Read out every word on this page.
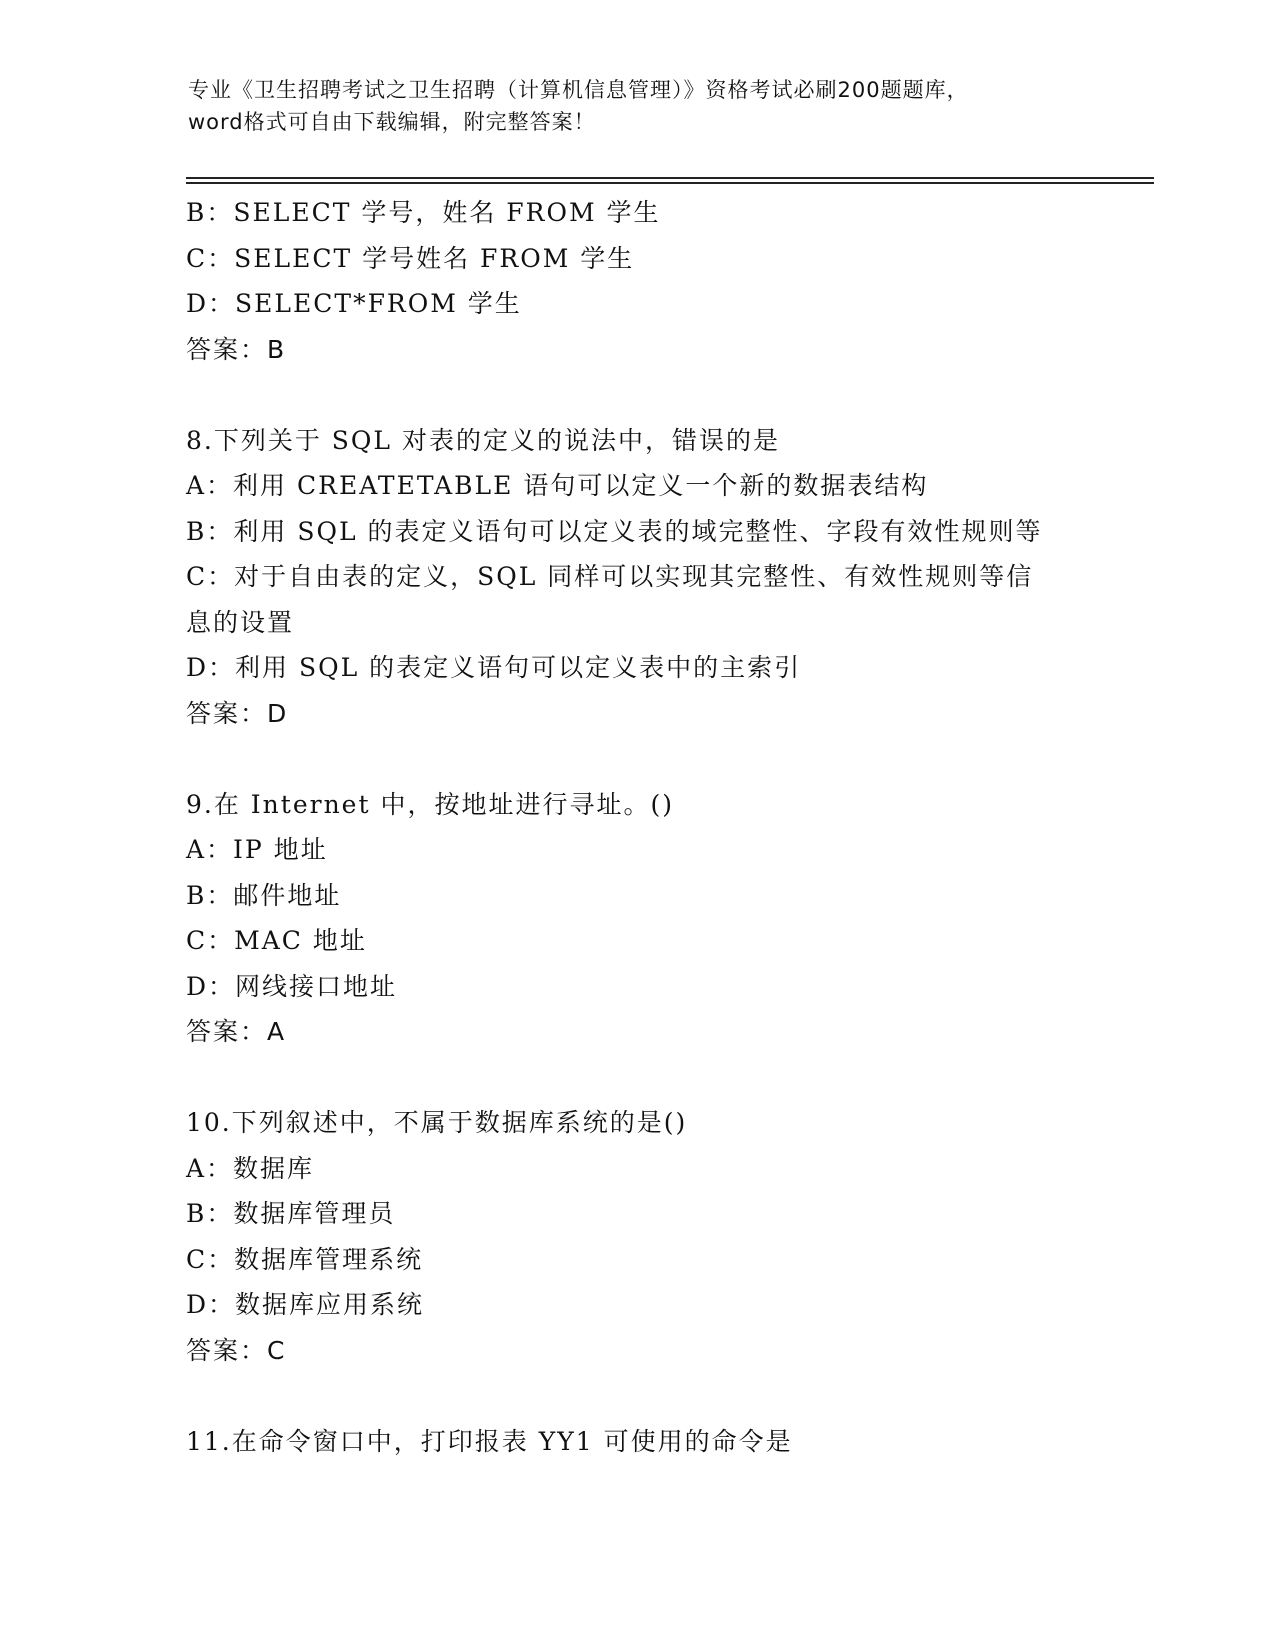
专业《卫生招聘考试之卫生招聘（计算机信息管理）》资格考试必刷200题题库，
word格式可自由下载编辑，附完整答案！
B：SELECT 学号，姓名 FROM 学生
C：SELECT 学号姓名 FROM 学生
D：SELECT*FROM 学生
答案：B
8.下列关于 SQL 对表的定义的说法中，错误的是
A：利用 CREATETABLE 语句可以定义一个新的数据表结构
B：利用 SQL 的表定义语句可以定义表的域完整性、字段有效性规则等
C：对于自由表的定义，SQL 同样可以实现其完整性、有效性规则等信
息的设置
D：利用 SQL 的表定义语句可以定义表中的主索引
答案：D
9.在 Internet 中，按地址进行寻址。()
A：IP 地址
B：邮件地址
C：MAC 地址
D：网线接口地址
答案：A
10.下列叙述中，不属于数据库系统的是()
A：数据库
B：数据库管理员
C：数据库管理系统
D：数据库应用系统
答案：C
11.在命令窗口中，打印报表 YY1 可使用的命令是
